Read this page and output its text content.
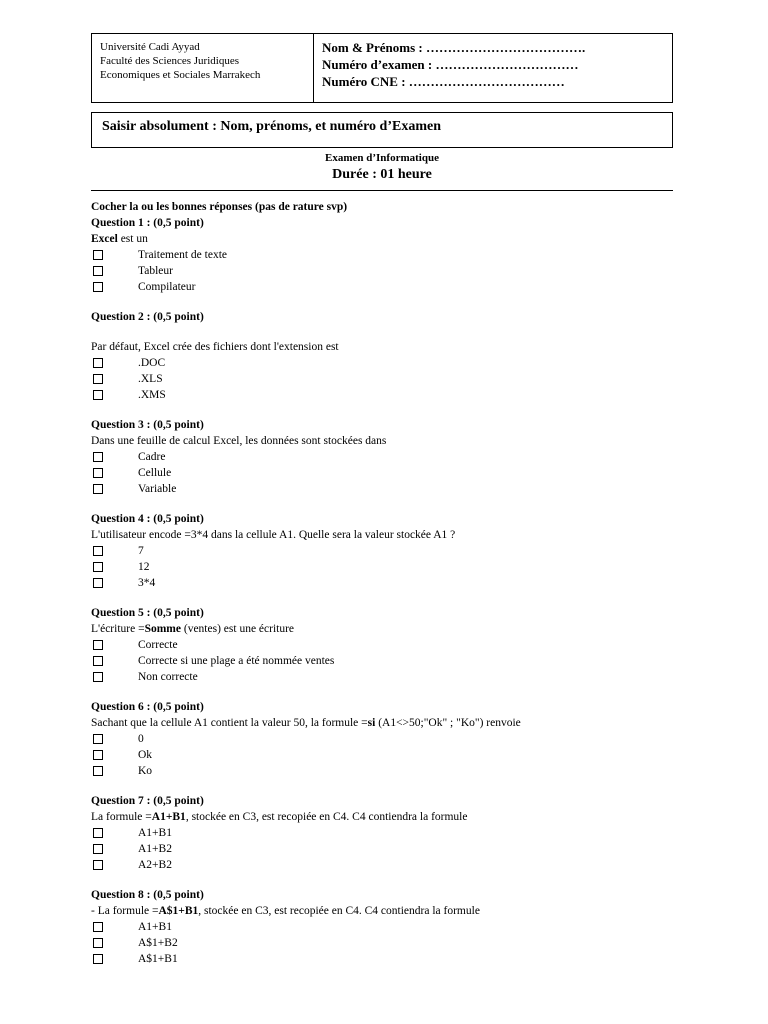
Université Cadi Ayyad
Faculté des Sciences Juridiques
Economiques et Sociales Marrakech
Nom & Prénoms : ……………………………….
Numéro d’examen : ……………………………
Numéro CNE : ………………………………
Saisir absolument : Nom, prénoms, et numéro d’Examen
Examen d’Informatique
Durée : 01 heure
Cocher la ou les bonnes réponses (pas de rature svp)
Question 1 : (0,5 point)
Excel est un
Traitement de texte
Tableur
Compilateur
Question 2 : (0,5 point)
Par défaut, Excel crée des fichiers dont l'extension est
.DOC
.XLS
.XMS
Question 3 : (0,5 point)
Dans une feuille de calcul Excel, les données sont stockées dans
Cadre
Cellule
Variable
Question 4 : (0,5 point)
L'utilisateur encode =3*4 dans la cellule A1. Quelle sera la valeur stockée A1 ?
7
12
3*4
Question 5 : (0,5 point)
L'écriture =Somme (ventes) est une écriture
Correcte
Correcte si une plage a été nommée ventes
Non correcte
Question 6 : (0,5 point)
Sachant que la cellule A1 contient la valeur 50, la formule =si (A1<>50;"Ok" ; "Ko") renvoie
0
Ok
Ko
Question 7 : (0,5 point)
La formule =A1+B1, stockée en C3, est recopiée en C4. C4 contiendra la formule
A1+B1
A1+B2
A2+B2
Question 8 : (0,5 point)
- La formule =A$1+B1, stockée en C3, est recopiée en C4. C4 contiendra la formule
A1+B1
A$1+B2
A$1+B1
